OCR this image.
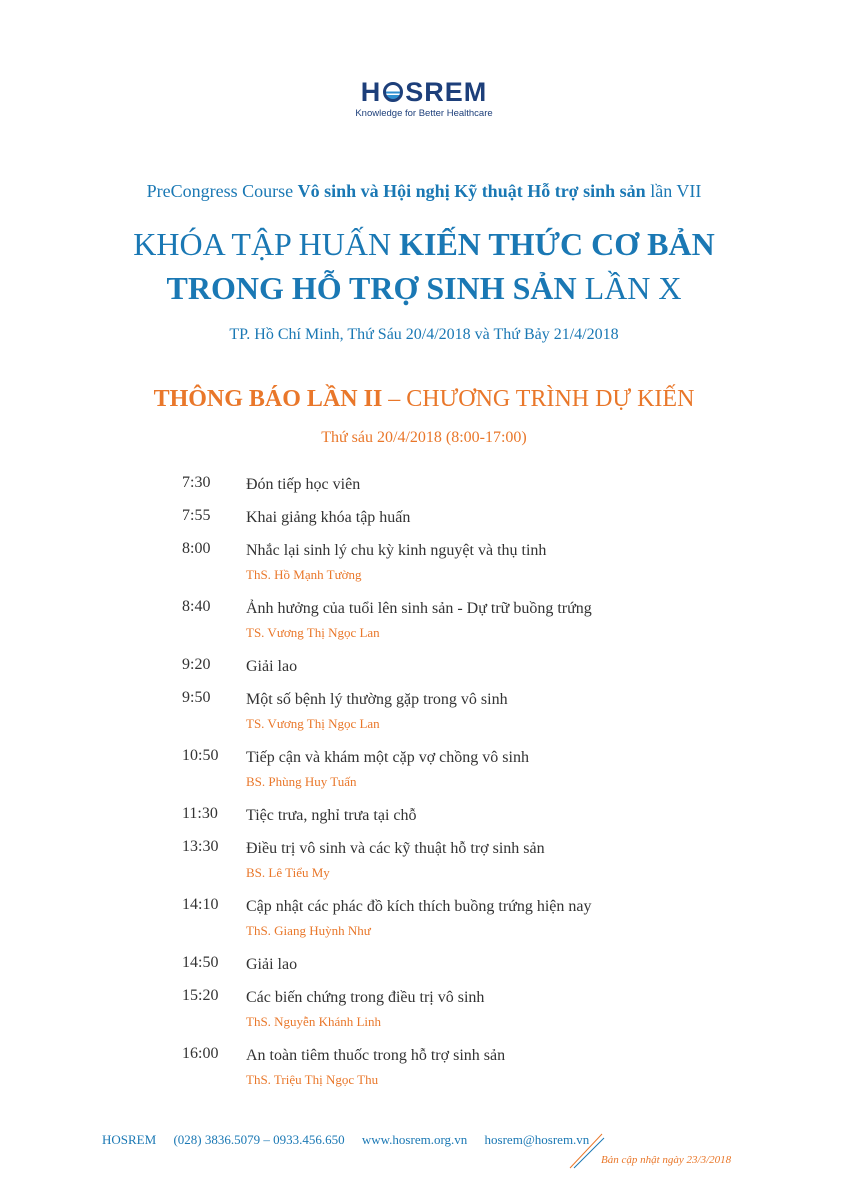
H SREM
Knowledge for Better Healthcare
PreCongress Course Vô sinh và Hội nghị Kỹ thuật Hỗ trợ sinh sản lần VII
KHÓA TẬP HUẤN KIẾN THỨC CƠ BẢN
TRONG HỖ TRỢ SINH SẢN LẦN X
TP. Hồ Chí Minh, Thứ Sáu 20/4/2018 và Thứ Bảy 21/4/2018
THÔNG BÁO LẦN II – CHƯƠNG TRÌNH DỰ KIẾN
Thứ sáu 20/4/2018 (8:00-17:00)
7:30 Đón tiếp học viên
7:55 Khai giảng khóa tập huấn
8:00 Nhắc lại sinh lý chu kỳ kinh nguyệt và thụ tinh
ThS. Hồ Mạnh Tường
8:40 Ảnh hưởng của tuổi lên sinh sản - Dự trữ buồng trứng
TS. Vương Thị Ngọc Lan
9:20 Giải lao
9:50 Một số bệnh lý thường gặp trong vô sinh
TS. Vương Thị Ngọc Lan
10:50 Tiếp cận và khám một cặp vợ chồng vô sinh
BS. Phùng Huy Tuấn
11:30 Tiệc trưa, nghỉ trưa tại chỗ
13:30 Điều trị vô sinh và các kỹ thuật hỗ trợ sinh sản
BS. Lê Tiểu My
14:10 Cập nhật các phác đồ kích thích buồng trứng hiện nay
ThS. Giang Huỳnh Như
14:50 Giải lao
15:20 Các biến chứng trong điều trị vô sinh
ThS. Nguyễn Khánh Linh
16:00 An toàn tiêm thuốc trong hỗ trợ sinh sản
ThS. Triệu Thị Ngọc Thu
HOSREM (028) 3836.5079 – 0933.456.650 www.hosrem.org.vn hosrem@hosrem.vn
Bản cập nhật ngày 23/3/2018
